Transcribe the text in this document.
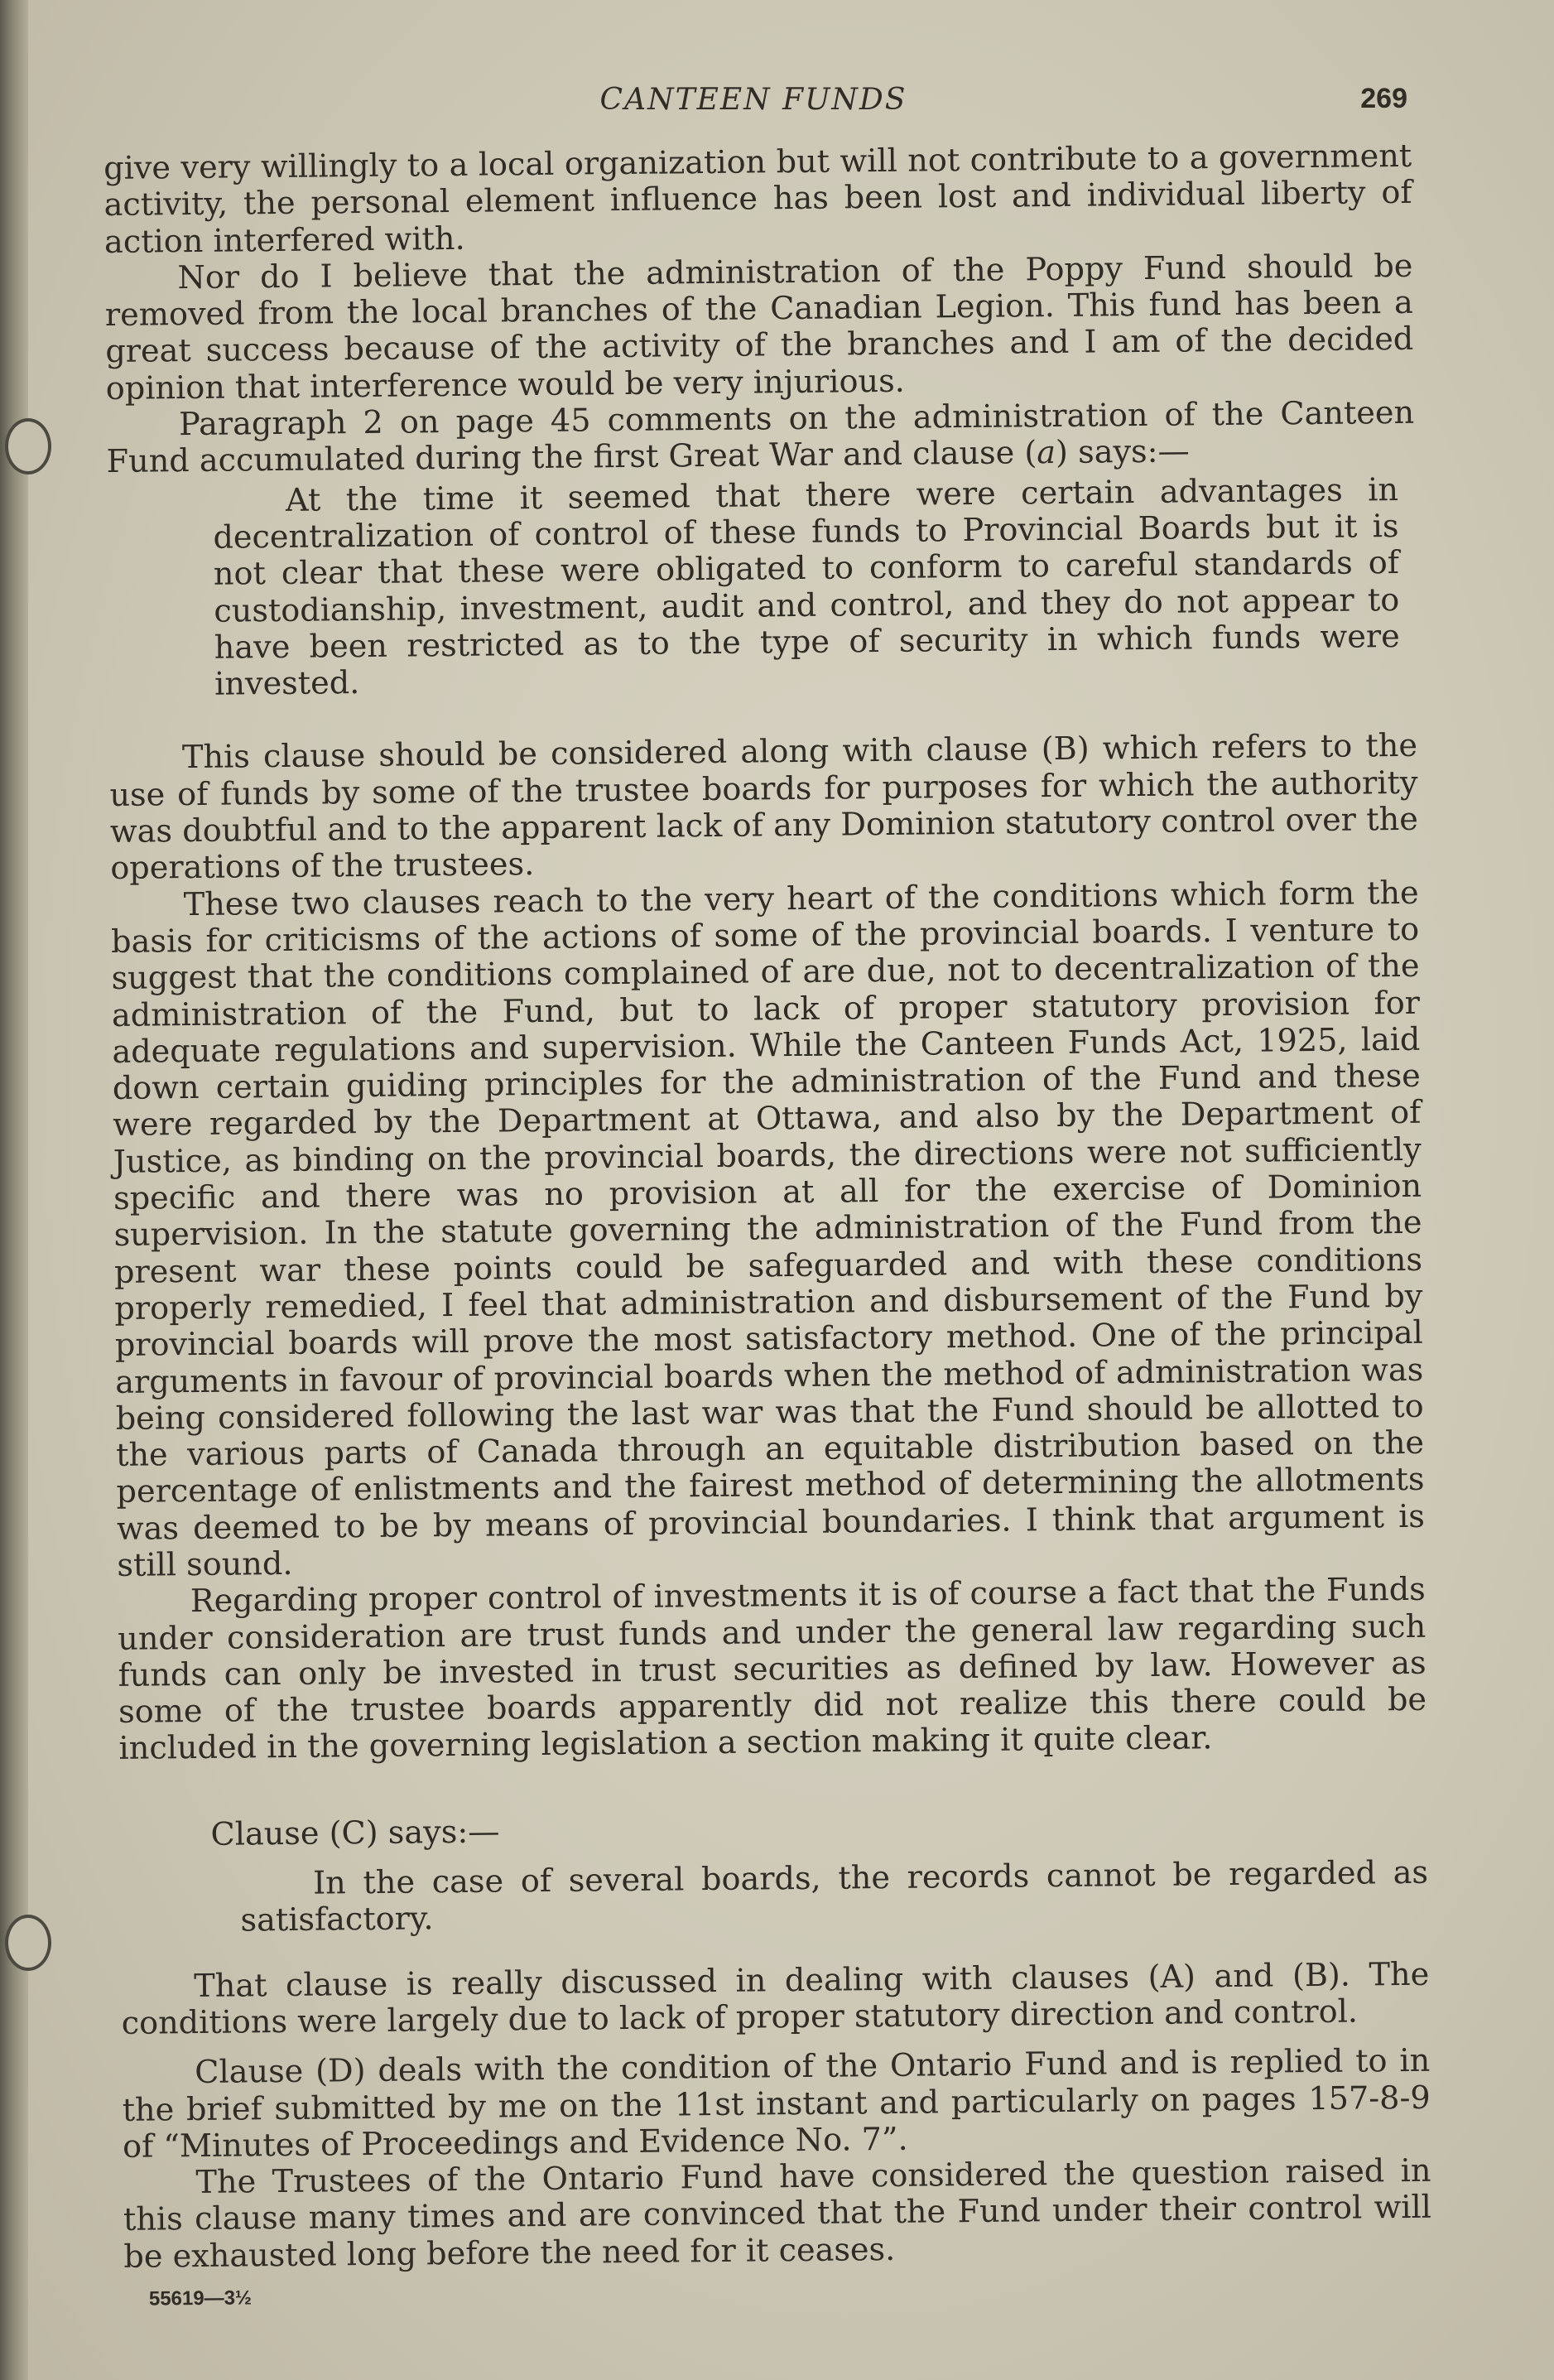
CANTEEN FUNDS	269

give very willingly to a local organization but will not contribute to a government activity, the personal element influence has been lost and individual liberty of action interfered with.

Nor do I believe that the administration of the Poppy Fund should be removed from the local branches of the Canadian Legion. This fund has been a great success because of the activity of the branches and I am of the decided opinion that interference would be very injurious.

Paragraph 2 on page 45 comments on the administration of the Canteen Fund accumulated during the first Great War and clause (a) says:—

At the time it seemed that there were certain advantages in decentralization of control of these funds to Provincial Boards but it is not clear that these were obligated to conform to careful standards of custodianship, investment, audit and control, and they do not appear to have been restricted as to the type of security in which funds were invested.

This clause should be considered along with clause (B) which refers to the use of funds by some of the trustee boards for purposes for which the authority was doubtful and to the apparent lack of any Dominion statutory control over the operations of the trustees.

These two clauses reach to the very heart of the conditions which form the basis for criticisms of the actions of some of the provincial boards. I venture to suggest that the conditions complained of are due, not to decentralization of the administration of the Fund, but to lack of proper statutory provision for adequate regulations and supervision. While the Canteen Funds Act, 1925, laid down certain guiding principles for the administration of the Fund and these were regarded by the Department at Ottawa, and also by the Department of Justice, as binding on the provincial boards, the directions were not sufficiently specific and there was no provision at all for the exercise of Dominion supervision. In the statute governing the administration of the Fund from the present war these points could be safeguarded and with these conditions properly remedied, I feel that administration and disbursement of the Fund by provincial boards will prove the most satisfactory method. One of the principal arguments in favour of provincial boards when the method of administration was being considered following the last war was that the Fund should be allotted to the various parts of Canada through an equitable distribution based on the percentage of enlistments and the fairest method of determining the allotments was deemed to be by means of provincial boundaries. I think that argument is still sound.

Regarding proper control of investments it is of course a fact that the Funds under consideration are trust funds and under the general law regarding such funds can only be invested in trust securities as defined by law. However as some of the trustee boards apparently did not realize this there could be included in the governing legislation a section making it quite clear.

Clause (C) says:—

In the case of several boards, the records cannot be regarded as satisfactory.

That clause is really discussed in dealing with clauses (A) and (B). The conditions were largely due to lack of proper statutory direction and control.

Clause (D) deals with the condition of the Ontario Fund and is replied to in the brief submitted by me on the 11st instant and particularly on pages 157-8-9 of “Minutes of Proceedings and Evidence No. 7”.

The Trustees of the Ontario Fund have considered the question raised in this clause many times and are convinced that the Fund under their control will be exhausted long before the need for it ceases.

55619—3½
